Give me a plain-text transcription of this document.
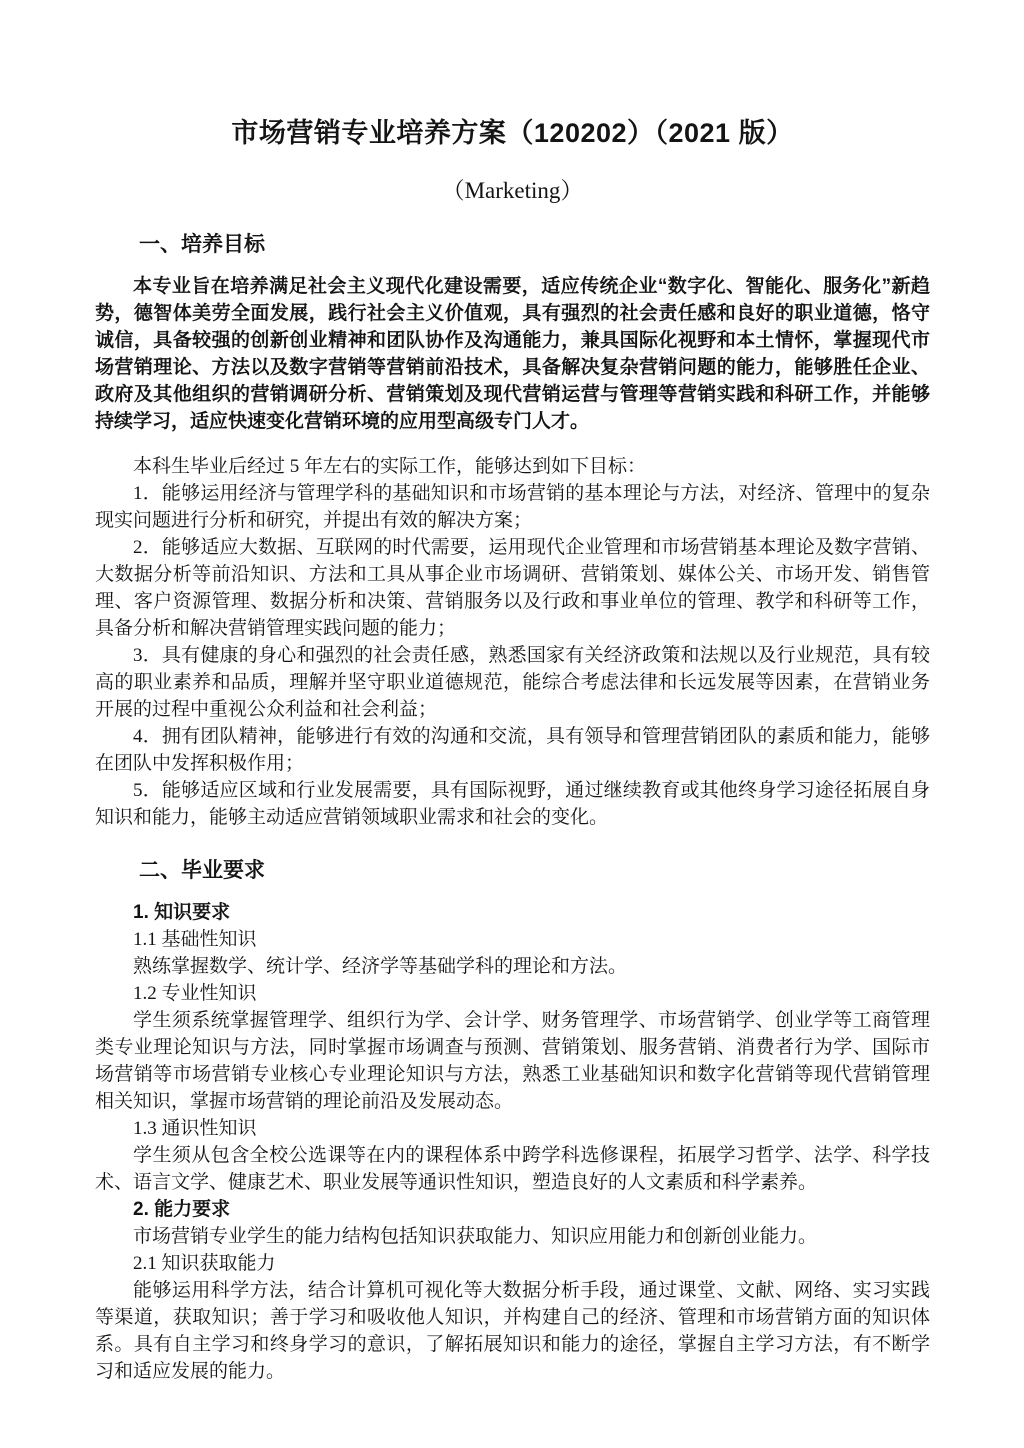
市场营销专业培养方案（120202）（2021 版）
（Marketing）
一、培养目标

本专业旨在培养满足社会主义现代化建设需要，适应传统企业“数字化、智能化、服务化”新趋势，德智体美劳全面发展，践行社会主义价值观，具有强烈的社会责任感和良好的职业道德，恪守诚信，具备较强的创新创业精神和团队协作及沟通能力，兼具国际化视野和本土情怀，掌握现代市场营销理论、方法以及数字营销等营销前沿技术，具备解决复杂营销问题的能力，能够胜任企业、政府及其他组织的营销调研分析、营销策划及现代营销运营与管理等营销实践和科研工作，并能够持续学习，适应快速变化营销环境的应用型高级专门人才。

本科生毕业后经过 5 年左右的实际工作，能够达到如下目标：

1．能够运用经济与管理学科的基础知识和市场营销的基本理论与方法，对经济、管理中的复杂现实问题进行分析和研究，并提出有效的解决方案；

2．能够适应大数据、互联网的时代需要，运用现代企业管理和市场营销基本理论及数字营销、大数据分析等前沿知识、方法和工具从事企业市场调研、营销策划、媒体公关、市场开发、销售管理、客户资源管理、数据分析和决策、营销服务以及行政和事业单位的管理、教学和科研等工作，具备分析和解决营销管理实践问题的能力；

3．具有健康的身心和强烈的社会责任感，熟悉国家有关经济政策和法规以及行业规范，具有较高的职业素养和品质，理解并坚守职业道德规范，能综合考虑法律和长远发展等因素，在营销业务开展的过程中重视公众利益和社会利益；

4．拥有团队精神，能够进行有效的沟通和交流，具有领导和管理营销团队的素质和能力，能够在团队中发挥积极作用；

5．能够适应区域和行业发展需要，具有国际视野，通过继续教育或其他终身学习途径拓展自身知识和能力，能够主动适应营销领域职业需求和社会的变化。

二、毕业要求
1. 知识要求

1.1 基础性知识

熟练掌握数学、统计学、经济学等基础学科的理论和方法。

1.2 专业性知识

学生须系统掌握管理学、组织行为学、会计学、财务管理学、市场营销学、创业学等工商管理类专业理论知识与方法，同时掌握市场调查与预测、营销策划、服务营销、消费者行为学、国际市场营销等市场营销专业核心专业理论知识与方法，熟悉工业基础知识和数字化营销等现代营销管理相关知识，掌握市场营销的理论前沿及发展动态。

1.3 通识性知识

学生须从包含全校公选课等在内的课程体系中跨学科选修课程，拓展学习哲学、法学、科学技术、语言文学、健康艺术、职业发展等通识性知识，塑造良好的人文素质和科学素养。

2. 能力要求

市场营销专业学生的能力结构包括知识获取能力、知识应用能力和创新创业能力。

2.1 知识获取能力

能够运用科学方法，结合计算机可视化等大数据分析手段，通过课堂、文献、网络、实习实践等渠道，获取知识；善于学习和吸收他人知识，并构建自己的经济、管理和市场营销方面的知识体系。具有自主学习和终身学习的意识，了解拓展知识和能力的途径，掌握自主学习方法，有不断学习和适应发展的能力。
